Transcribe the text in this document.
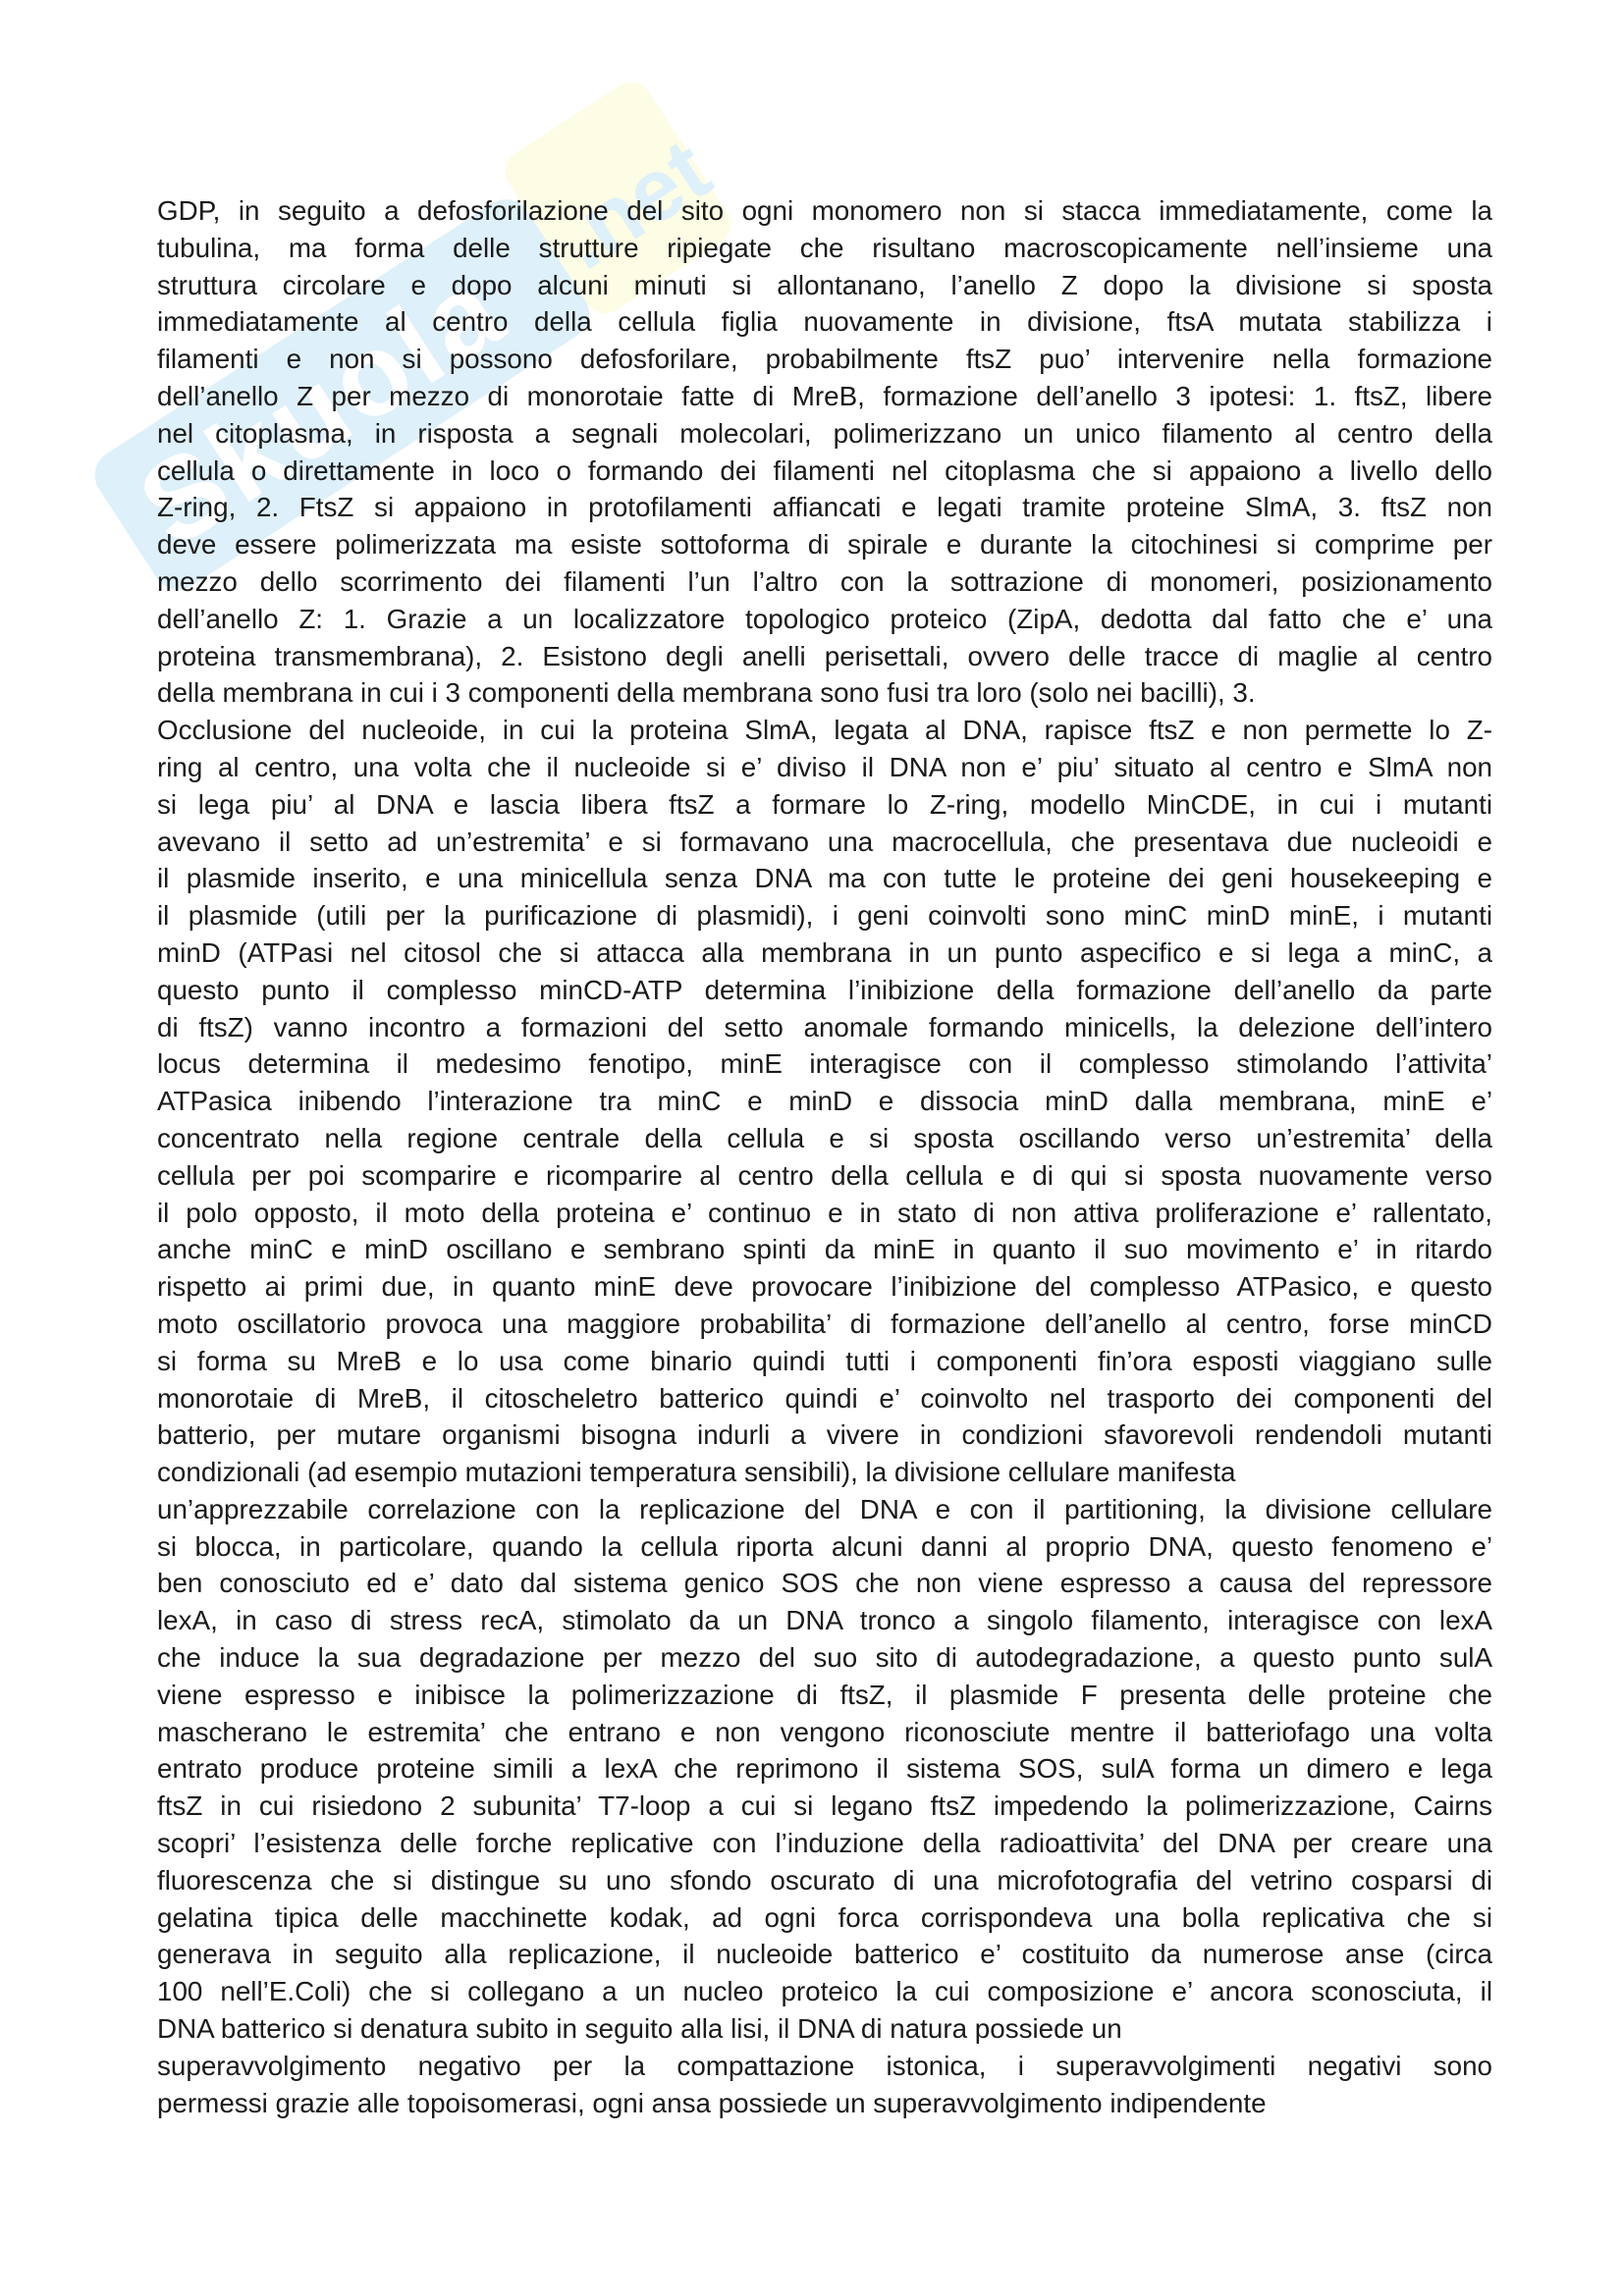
Skuola
.net
GDP, in seguito a defosforilazione del sito ogni monomero non si stacca immediatamente, come la
tubulina, ma forma delle strutture ripiegate che risultano macroscopicamente nell’insieme una
struttura circolare e dopo alcuni minuti si allontanano, l’anello Z dopo la divisione si sposta
immediatamente al centro della cellula figlia nuovamente in divisione, ftsA mutata stabilizza i
filamenti e non si possono defosforilare, probabilmente ftsZ puo’ intervenire nella formazione
dell’anello Z per mezzo di monorotaie fatte di MreB, formazione dell’anello 3 ipotesi: 1. ftsZ, libere
nel citoplasma, in risposta a segnali molecolari, polimerizzano un unico filamento al centro della
cellula o direttamente in loco o formando dei filamenti nel citoplasma che si appaiono a livello dello
Z-ring, 2. FtsZ si appaiono in protofilamenti affiancati e legati tramite proteine SlmA, 3. ftsZ non
deve essere polimerizzata ma esiste sottoforma di spirale e durante la citochinesi si comprime per
mezzo dello scorrimento dei filamenti l’un l’altro con la sottrazione di monomeri, posizionamento
dell’anello Z: 1. Grazie a un localizzatore topologico proteico (ZipA, dedotta dal fatto che e’ una
proteina transmembrana), 2. Esistono degli anelli perisettali, ovvero delle tracce di maglie al centro
della membrana in cui i 3 componenti della membrana sono fusi tra loro (solo nei bacilli), 3.
Occlusione del nucleoide, in cui la proteina SlmA, legata al DNA, rapisce ftsZ e non permette lo Z-
ring al centro, una volta che il nucleoide si e’ diviso il DNA non e’ piu’ situato al centro e SlmA non
si lega piu’ al DNA e lascia libera ftsZ a formare lo Z-ring, modello MinCDE, in cui i mutanti
avevano il setto ad un’estremita’ e si formavano una macrocellula, che presentava due nucleoidi e
il plasmide inserito, e una minicellula senza DNA ma con tutte le proteine dei geni housekeeping e
il plasmide (utili per la purificazione di plasmidi), i geni coinvolti sono minC minD minE, i mutanti
minD (ATPasi nel citosol che si attacca alla membrana in un punto aspecifico e si lega a minC, a
questo punto il complesso minCD-ATP determina l’inibizione della formazione dell’anello da parte
di ftsZ) vanno incontro a formazioni del setto anomale formando minicells, la delezione dell’intero
locus determina il medesimo fenotipo, minE interagisce con il complesso stimolando l’attivita’
ATPasica inibendo l’interazione tra minC e minD e dissocia minD dalla membrana, minE e’
concentrato nella regione centrale della cellula e si sposta oscillando verso un’estremita’ della
cellula per poi scomparire e ricomparire al centro della cellula e di qui si sposta nuovamente verso
il polo opposto, il moto della proteina e’ continuo e in stato di non attiva proliferazione e’ rallentato,
anche minC e minD oscillano e sembrano spinti da minE in quanto il suo movimento e’ in ritardo
rispetto ai primi due, in quanto minE deve provocare l’inibizione del complesso ATPasico, e questo
moto oscillatorio provoca una maggiore probabilita’ di formazione dell’anello al centro, forse minCD
si forma su MreB e lo usa come binario quindi tutti i componenti fin’ora esposti viaggiano sulle
monorotaie di MreB, il citoscheletro batterico quindi e’ coinvolto nel trasporto dei componenti del
batterio, per mutare organismi bisogna indurli a vivere in condizioni sfavorevoli rendendoli mutanti
condizionali (ad esempio mutazioni temperatura sensibili), la divisione cellulare manifesta
un’apprezzabile correlazione con la replicazione del DNA e con il partitioning, la divisione cellulare
si blocca, in particolare, quando la cellula riporta alcuni danni al proprio DNA, questo fenomeno e’
ben conosciuto ed e’ dato dal sistema genico SOS che non viene espresso a causa del repressore
lexA, in caso di stress recA, stimolato da un DNA tronco a singolo filamento, interagisce con lexA
che induce la sua degradazione per mezzo del suo sito di autodegradazione, a questo punto sulA
viene espresso e inibisce la polimerizzazione di ftsZ, il plasmide F presenta delle proteine che
mascherano le estremita’ che entrano e non vengono riconosciute mentre il batteriofago una volta
entrato produce proteine simili a lexA che reprimono il sistema SOS, sulA forma un dimero e lega
ftsZ in cui risiedono 2 subunita’ T7-loop a cui si legano ftsZ impedendo la polimerizzazione, Cairns
scopri’ l’esistenza delle forche replicative con l’induzione della radioattivita’ del DNA per creare una
fluorescenza che si distingue su uno sfondo oscurato di una microfotografia del vetrino cosparsi di
gelatina tipica delle macchinette kodak, ad ogni forca corrispondeva una bolla replicativa che si
generava in seguito alla replicazione, il nucleoide batterico e’ costituito da numerose anse (circa
100 nell’E.Coli) che si collegano a un nucleo proteico la cui composizione e’ ancora sconosciuta, il
DNA batterico si denatura subito in seguito alla lisi, il DNA di natura possiede un
superavvolgimento negativo per la compattazione istonica, i superavvolgimenti negativi sono
permessi grazie alle topoisomerasi, ogni ansa possiede un superavvolgimento indipendente
